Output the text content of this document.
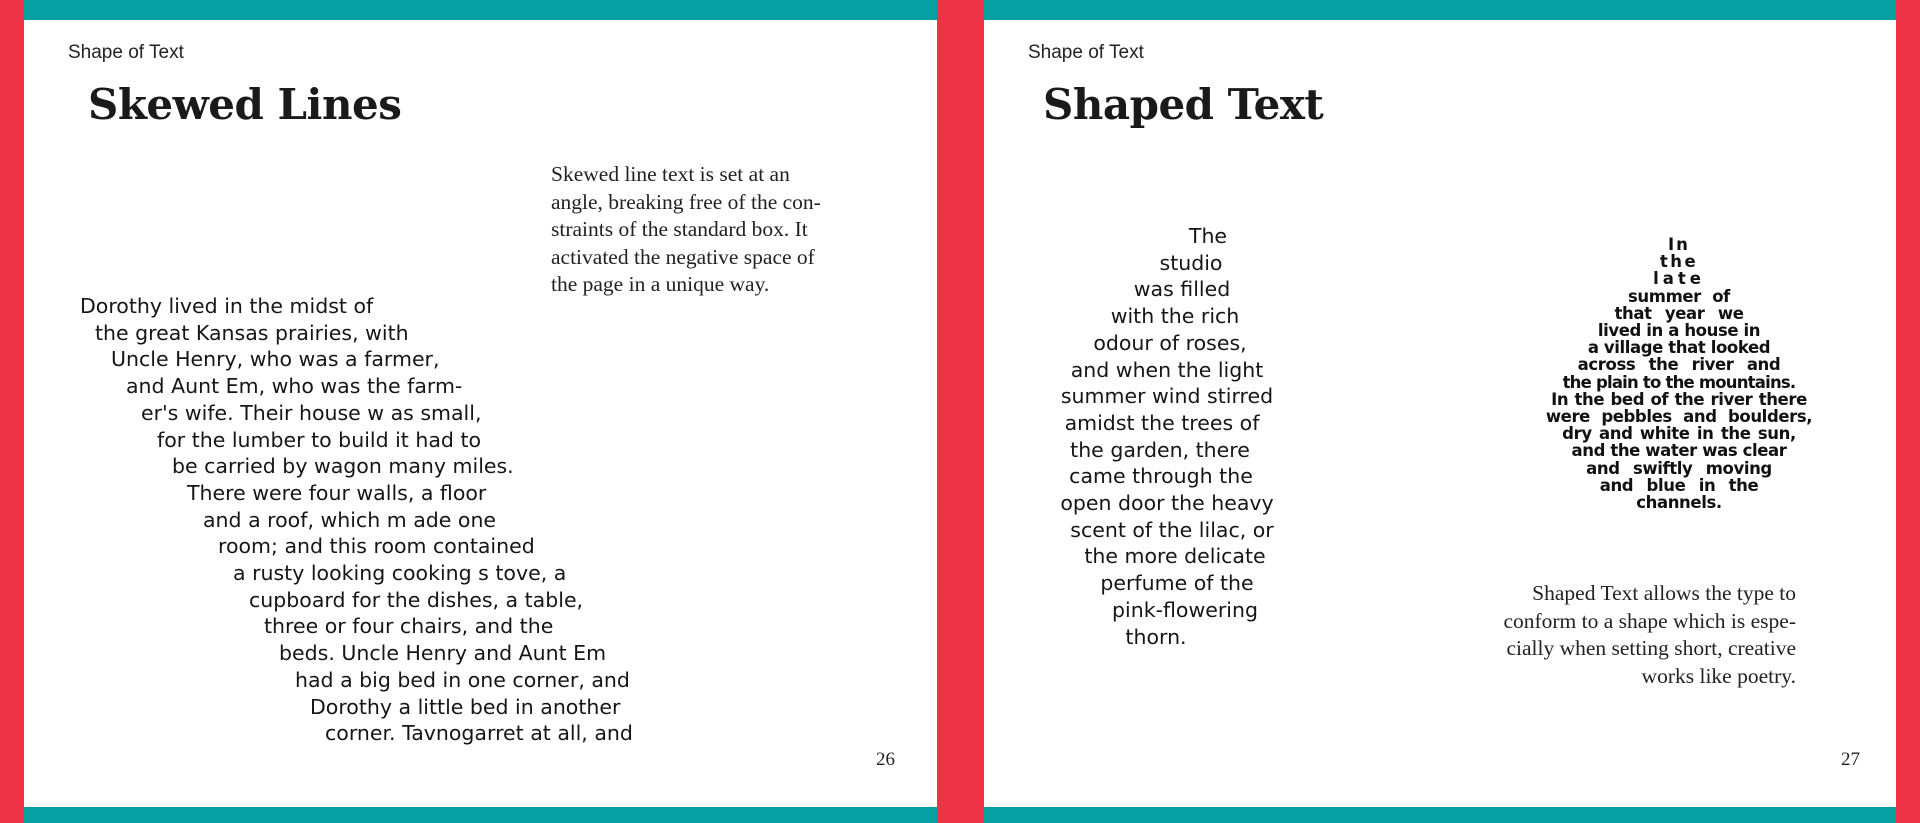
Shape of Text
Skewed Lines
Skewed line text is set at an
angle, breaking free of the con-
straints of the standard box. It
activated the negative space of
the page in a unique way.
26
Dorothy lived in the midst of
the great Kansas prairies, with
Uncle Henry, who was a farmer,
and Aunt Em, who was the farm-
er's wife. Their house w as small,
for the lumber to build it had to
be carried by wagon many miles.
There were four walls, a floor
and a roof, which m ade one
room; and this room contained
a rusty looking cooking s tove, a
cupboard for the dishes, a table,
three or four chairs, and the
beds. Uncle Henry and Aunt Em
had a big bed in one corner, and
Dorothy a little bed in another
corner. Tavnogarret at all, and
Shape of Text
Shaped Text
Shaped Text allows the type to
conform to a shape which is espe-
cially when setting short, creative
works like poetry.
27
The
studio
was filled
with the rich
odour of roses,
and when the light
summer wind stirred
amidst the trees of
the garden, there
came through the
open door the heavy
scent of the lilac, or
the more delicate
perfume of the
pink-flowering
thorn.
In
the
late
summer of
that year we
lived in a house in
a village that looked
across the river and
the plain to the mountains.
In the bed of the river there
were pebbles and boulders,
dry and white in the sun,
and the water was clear
and swiftly moving
and blue in the
channels.
